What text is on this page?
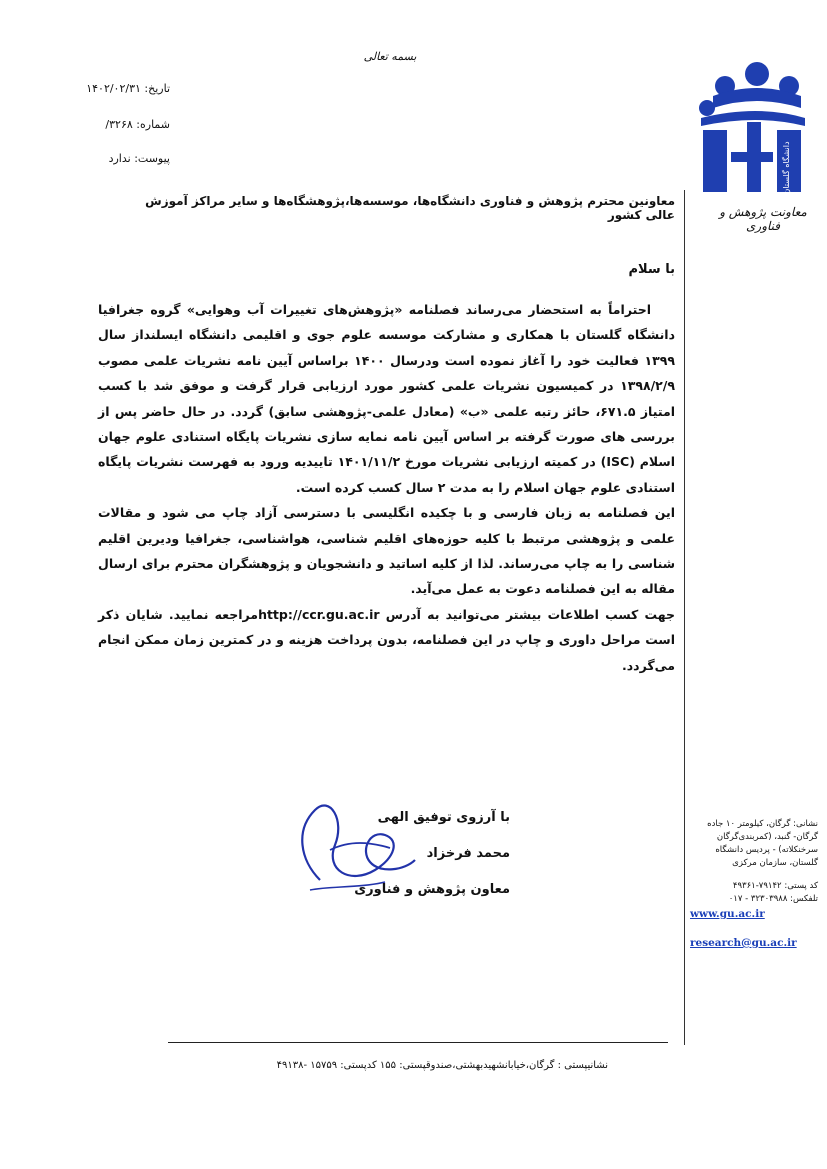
بسمه تعالی
تاریخ: ۱۴۰۲/۰۲/۳۱
شماره: ۳۲۶۸/
پیوست: ندارد	دانشگاه گلستان
معاونت پژوهش و فناوری
معاونین محترم پژوهش و فناوری دانشگاه‌ها، موسسه‌ها،پژوهشگاه‌ها و سایر مراکز آموزش عالی کشور
با سلام

احتراماً به استحضار می‌رساند فصلنامه «پژوهش‌های تغییرات آب وهوایی» گروه جغرافیا دانشگاه گلستان با همکاری و مشارکت موسسه علوم جوی و اقلیمی دانشگاه ایسلنداز سال ۱۳۹۹ فعالیت خود را آغاز نموده است ودرسال ۱۴۰۰ براساس آیین نامه نشریات علمی مصوب ۱۳۹۸/۲/۹ در کمیسیون نشریات علمی کشور مورد ارزیابی قرار گرفت و موفق شد با کسب امتیاز ۶۷۱.۵، حائز رتبه علمی «ب» (معادل علمی-پژوهشی سابق) گردد. در حال حاضر پس از بررسی های صورت گرفته بر اساس آیین نامه نمایه سازی نشریات پایگاه استنادی علوم جهان اسلام (ISC) در کمیته ارزیابی نشریات مورخ ۱۴۰۱/۱۱/۲ تاییدیه ورود به فهرست نشریات پایگاه استنادی علوم جهان اسلام را به مدت ۲ سال کسب کرده است.

این فصلنامه به زبان فارسی و با چکیده انگلیسی با دسترسی آزاد چاپ می شود و مقالات علمی و پژوهشی مرتبط با کلیه حوزه‌های اقلیم شناسی، هواشناسی، جغرافیا ودیرین اقلیم شناسی را به چاپ می‌رساند. لذا از کلیه اساتید و دانشجویان و پژوهشگران محترم برای ارسال مقاله به این فصلنامه دعوت به عمل می‌آید.

جهت کسب اطلاعات بیشتر می‌توانید به آدرس http://ccr.gu.ac.irمراجعه نمایید. شایان ذکر است مراحل داوری و چاپ در این فصلنامه، بدون پرداخت هزینه و در کمترین زمان ممکن انجام می‌گردد.

با آرزوی توفیق الهی
محمد فرخزاد
معاون پژوهش و فناوری
نشانی: گرگان، کیلومتر ۱۰ جاده گرگان- گنبد، (کمربندی‌گرگان سرخنکلاته) - پردیس دانشگاه گلستان، سازمان مرکزی
کد پستی: ۷۹۱۴۲-۴۹۳۶۱
تلفکس: ۳۲۳۰۳۹۸۸ - ۰۱۷
www.gu.ac.ir
research@gu.ac.ir
نشانیپستی : گرگان،خیابانشهیدبهشتی،صندوقپستی: ۱۵۵ کدپستی: ۱۵۷۵۹ -۴۹۱۳۸
